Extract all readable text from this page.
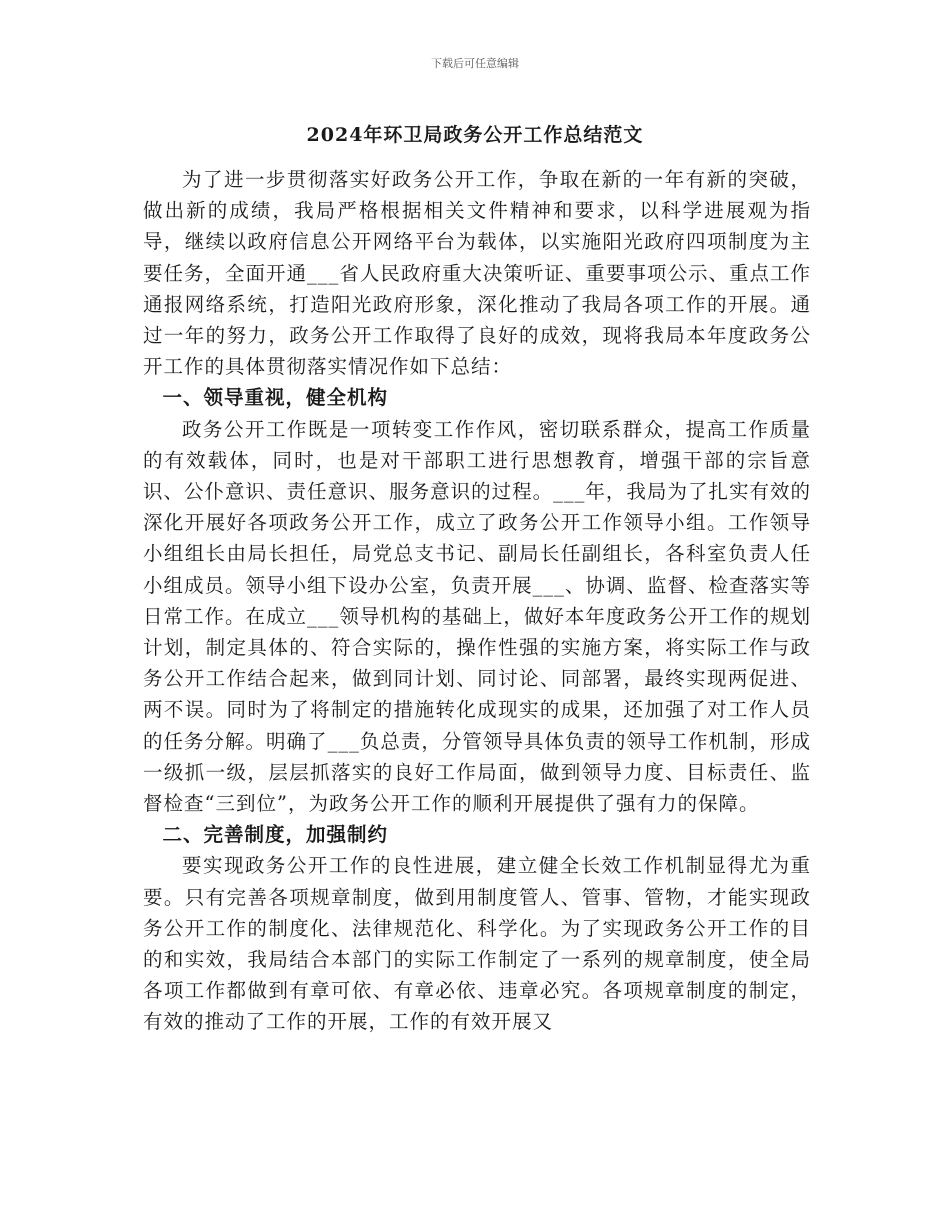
下载后可任意编辑
2024年环卫局政务公开工作总结范文

为了进一步贯彻落实好政务公开工作，争取在新的一年有新的突破，做出新的成绩，我局严格根据相关文件精神和要求，以科学进展观为指导，继续以政府信息公开网络平台为载体，以实施阳光政府四项制度为主要任务，全面开通___省人民政府重大决策听证、重要事项公示、重点工作通报网络系统，打造阳光政府形象，深化推动了我局各项工作的开展。通过一年的努力，政务公开工作取得了良好的成效，现将我局本年度政务公开工作的具体贯彻落实情况作如下总结：

一、领导重视，健全机构

政务公开工作既是一项转变工作作风，密切联系群众，提高工作质量的有效载体，同时，也是对干部职工进行思想教育，增强干部的宗旨意识、公仆意识、责任意识、服务意识的过程。___年，我局为了扎实有效的深化开展好各项政务公开工作，成立了政务公开工作领导小组。工作领导小组组长由局长担任，局党总支书记、副局长任副组长，各科室负责人任小组成员。领导小组下设办公室，负责开展___、协调、监督、检查落实等日常工作。在成立___领导机构的基础上，做好本年度政务公开工作的规划计划，制定具体的、符合实际的，操作性强的实施方案，将实际工作与政务公开工作结合起来，做到同计划、同讨论、同部署，最终实现两促进、两不误。同时为了将制定的措施转化成现实的成果，还加强了对工作人员的任务分解。明确了___负总责，分管领导具体负责的领导工作机制，形成一级抓一级，层层抓落实的良好工作局面，做到领导力度、目标责任、监督检查“三到位”，为政务公开工作的顺利开展提供了强有力的保障。

二、完善制度，加强制约

要实现政务公开工作的良性进展，建立健全长效工作机制显得尤为重要。只有完善各项规章制度，做到用制度管人、管事、管物，才能实现政务公开工作的制度化、法律规范化、科学化。为了实现政务公开工作的目的和实效，我局结合本部门的实际工作制定了一系列的规章制度，使全局各项工作都做到有章可依、有章必依、违章必究。各项规章制度的制定，有效的推动了工作的开展，工作的有效开展又
